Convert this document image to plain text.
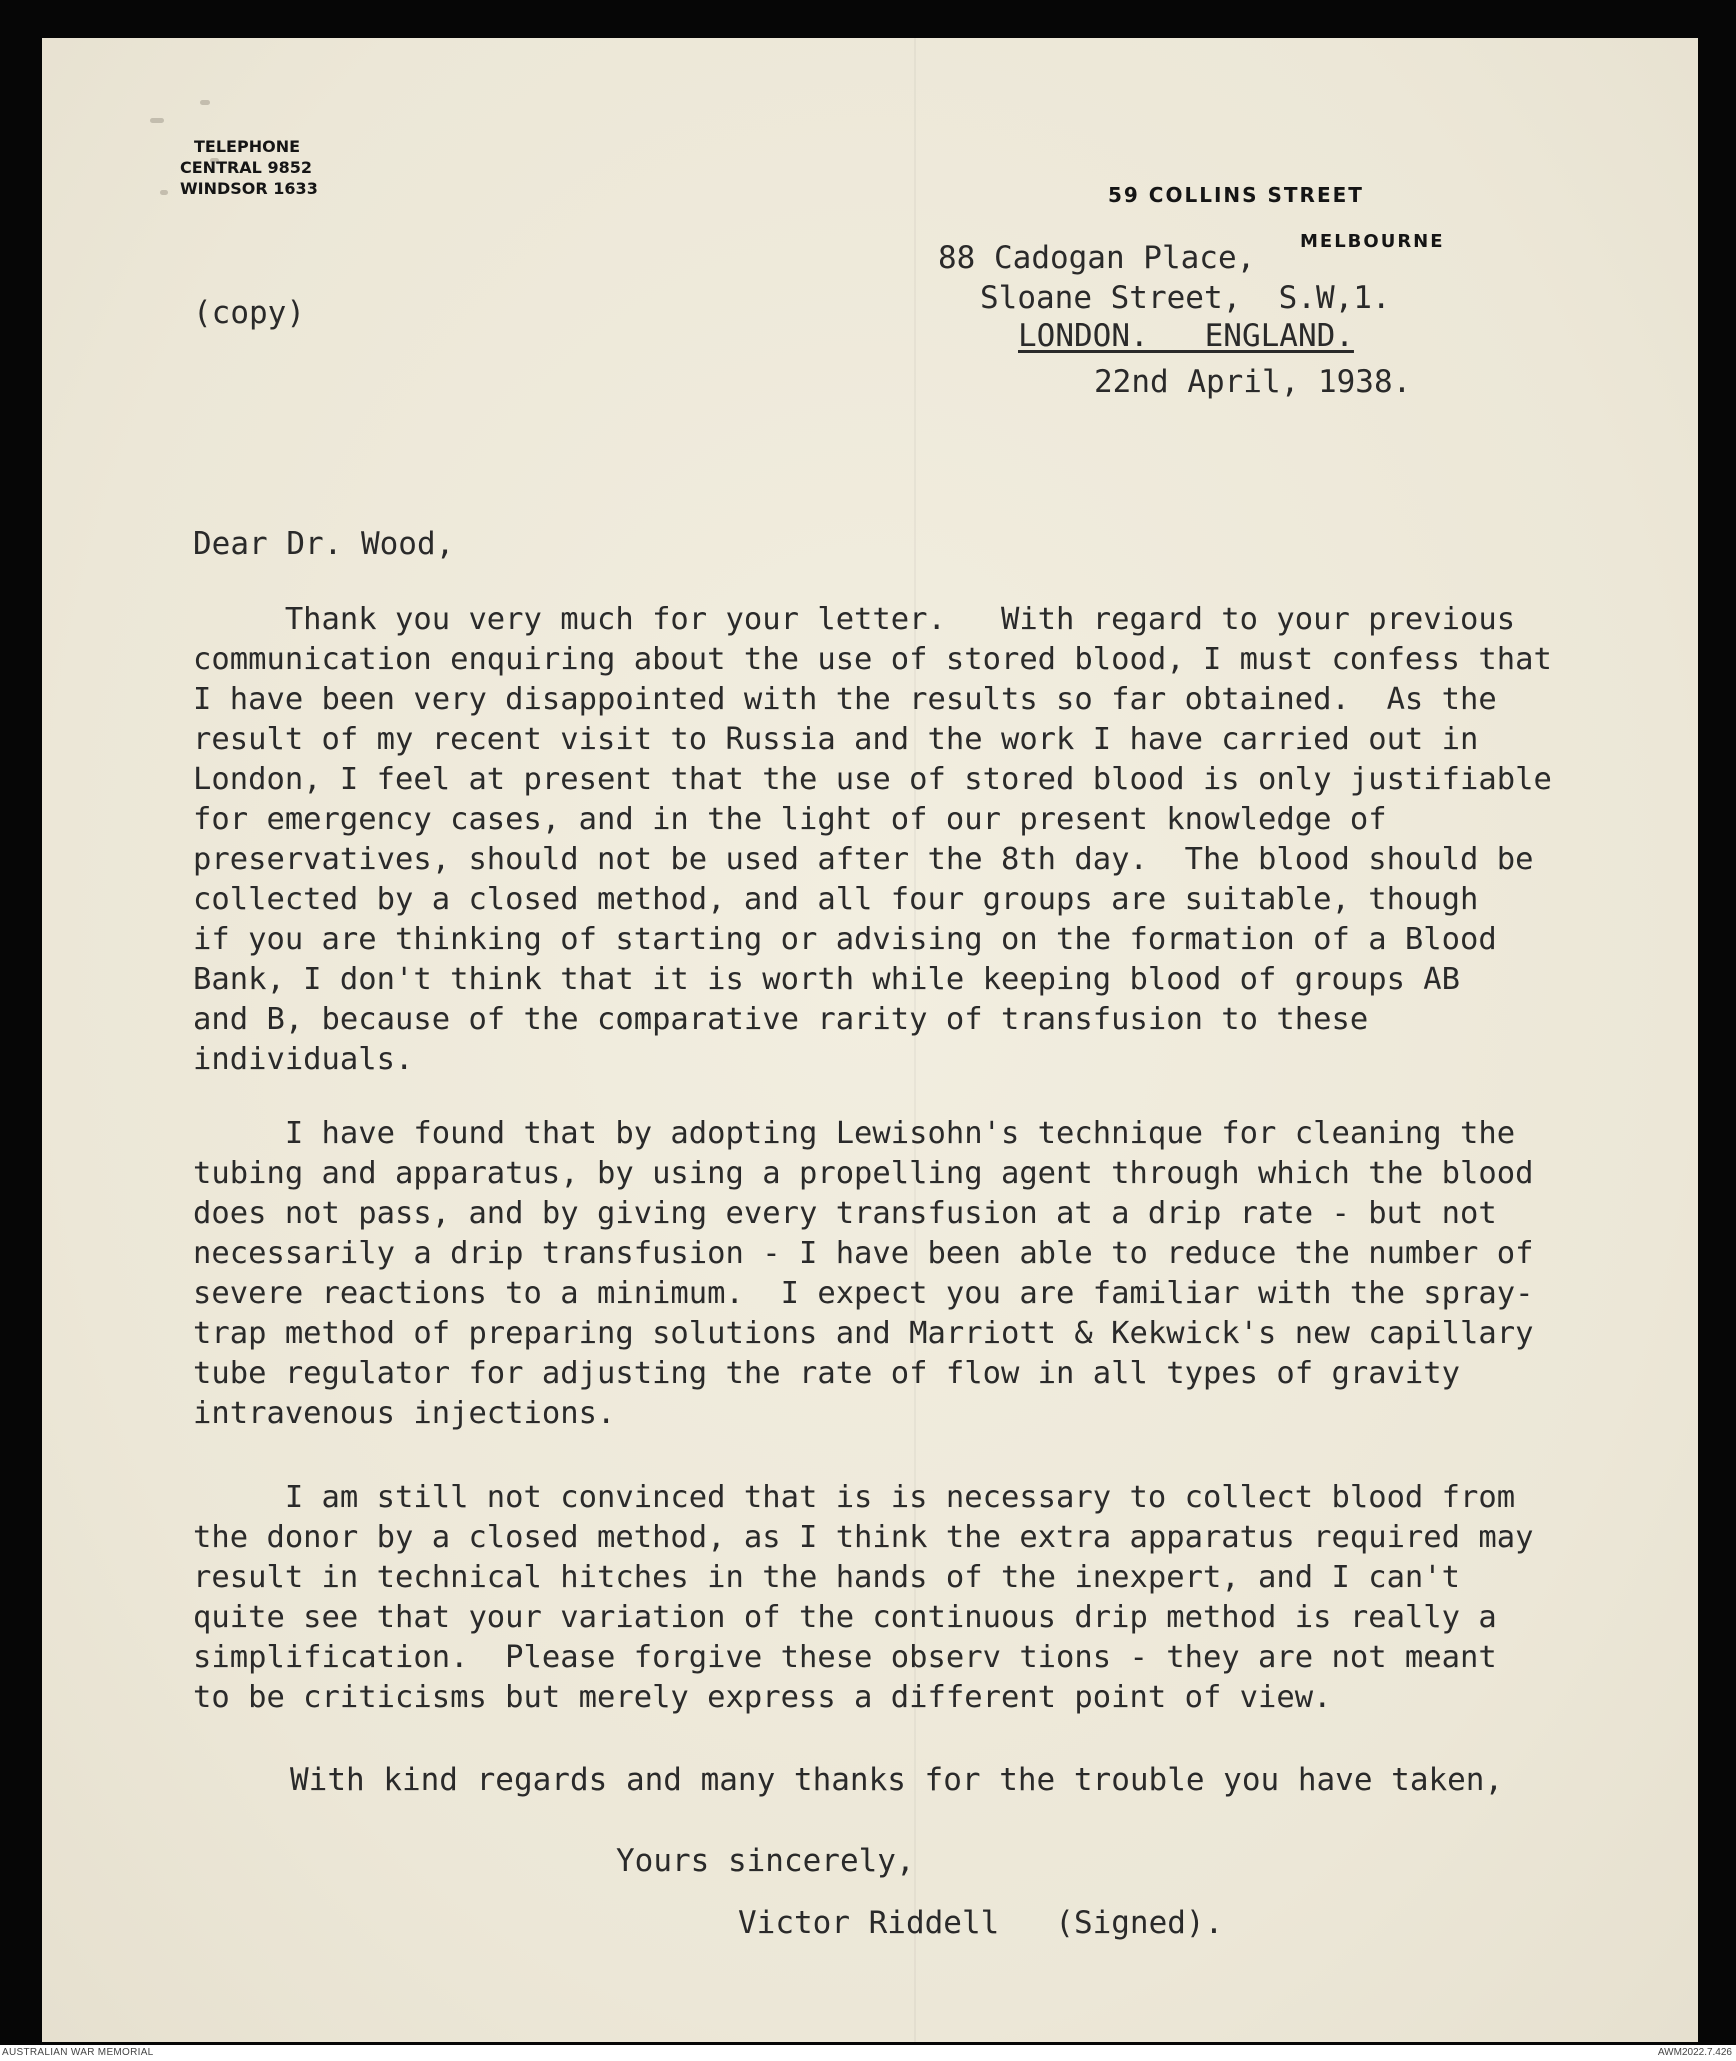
TELEPHONE
CENTRAL 9852
WINDSOR 1633	59 COLLINS STREET
MELBOURNE
(copy)
88 Cadogan Place,
Sloane Street,  S.W,1.
LONDON.   ENGLAND.
22nd April, 1938.
Dear Dr. Wood,
Thank you very much for your letter.   With regard to your previous
communication enquiring about the use of stored blood, I must confess that
I have been very disappointed with the results so far obtained.  As the
result of my recent visit to Russia and the work I have carried out in
London, I feel at present that the use of stored blood is only justifiable
for emergency cases, and in the light of our present knowledge of
preservatives, should not be used after the 8th day.  The blood should be
collected by a closed method, and all four groups are suitable, though
if you are thinking of starting or advising on the formation of a Blood
Bank, I don't think that it is worth while keeping blood of groups AB
and B, because of the comparative rarity of transfusion to these
individuals.
I have found that by adopting Lewisohn's technique for cleaning the
tubing and apparatus, by using a propelling agent through which the blood
does not pass, and by giving every transfusion at a drip rate - but not
necessarily a drip transfusion - I have been able to reduce the number of
severe reactions to a minimum.  I expect you are familiar with the spray-
trap method of preparing solutions and Marriott & Kekwick's new capillary
tube regulator for adjusting the rate of flow in all types of gravity
intravenous injections.
I am still not convinced that is is necessary to collect blood from
the donor by a closed method, as I think the extra apparatus required may
result in technical hitches in the hands of the inexpert, and I can't
quite see that your variation of the continuous drip method is really a
simplification.  Please forgive these observ tions - they are not meant
to be criticisms but merely express a different point of view.
With kind regards and many thanks for the trouble you have taken,
Yours sincerely,
Victor Riddell   (Signed).
AUSTRALIAN WAR MEMORIAL	AWM2022.7.426
